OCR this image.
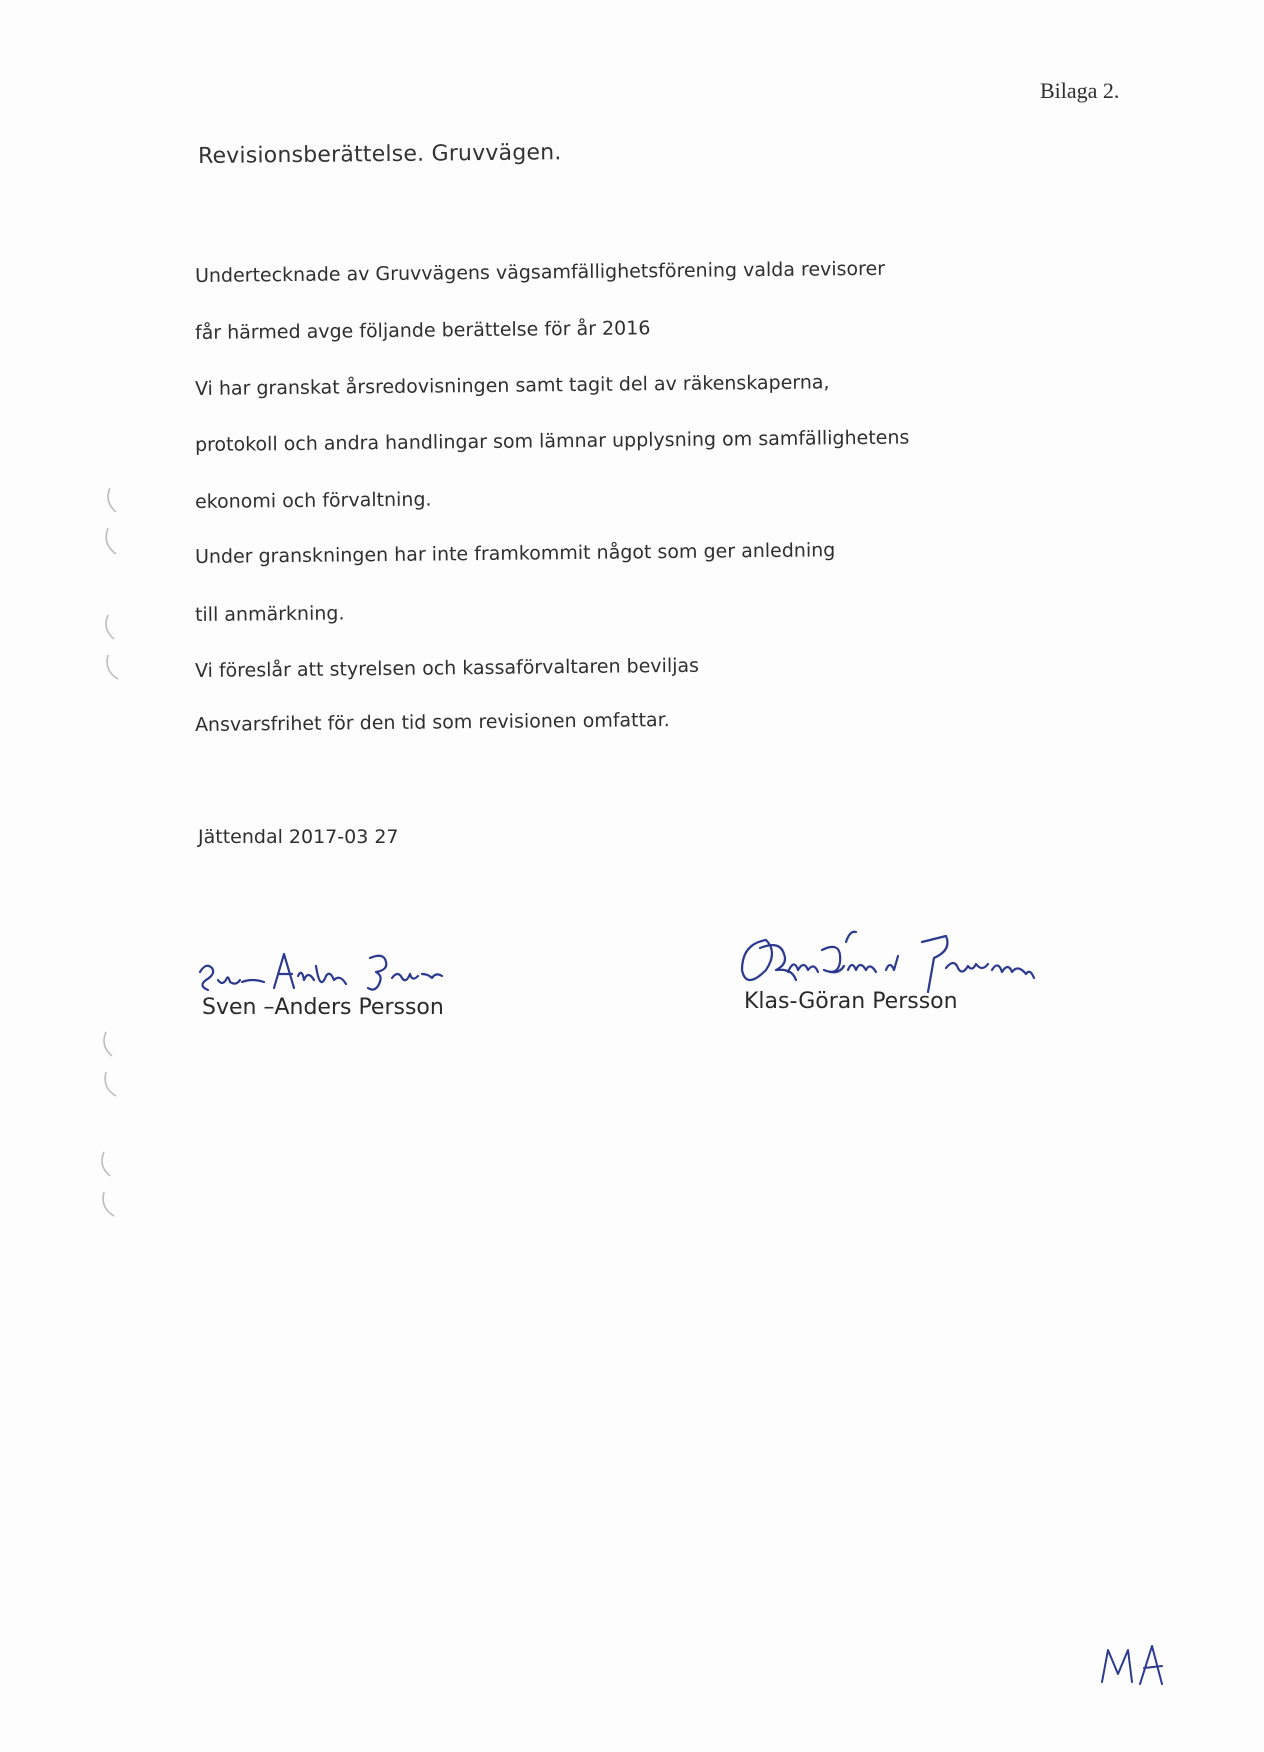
Bilaga 2.
Revisionsberättelse. Gruvvägen.
Undertecknade av Gruvvägens vägsamfällighetsförening valda revisorer
får härmed avge följande berättelse för år 2016
Vi har granskat årsredovisningen samt tagit del av räkenskaperna,
protokoll och andra handlingar som lämnar upplysning om samfällighetens
ekonomi och förvaltning.
Under granskningen har inte framkommit något som ger anledning
till anmärkning.
Vi föreslår att styrelsen och kassaförvaltaren beviljas
Ansvarsfrihet för den tid som revisionen omfattar.
Jättendal 2017-03 27
Sven –Anders Persson	Klas-Göran Persson
